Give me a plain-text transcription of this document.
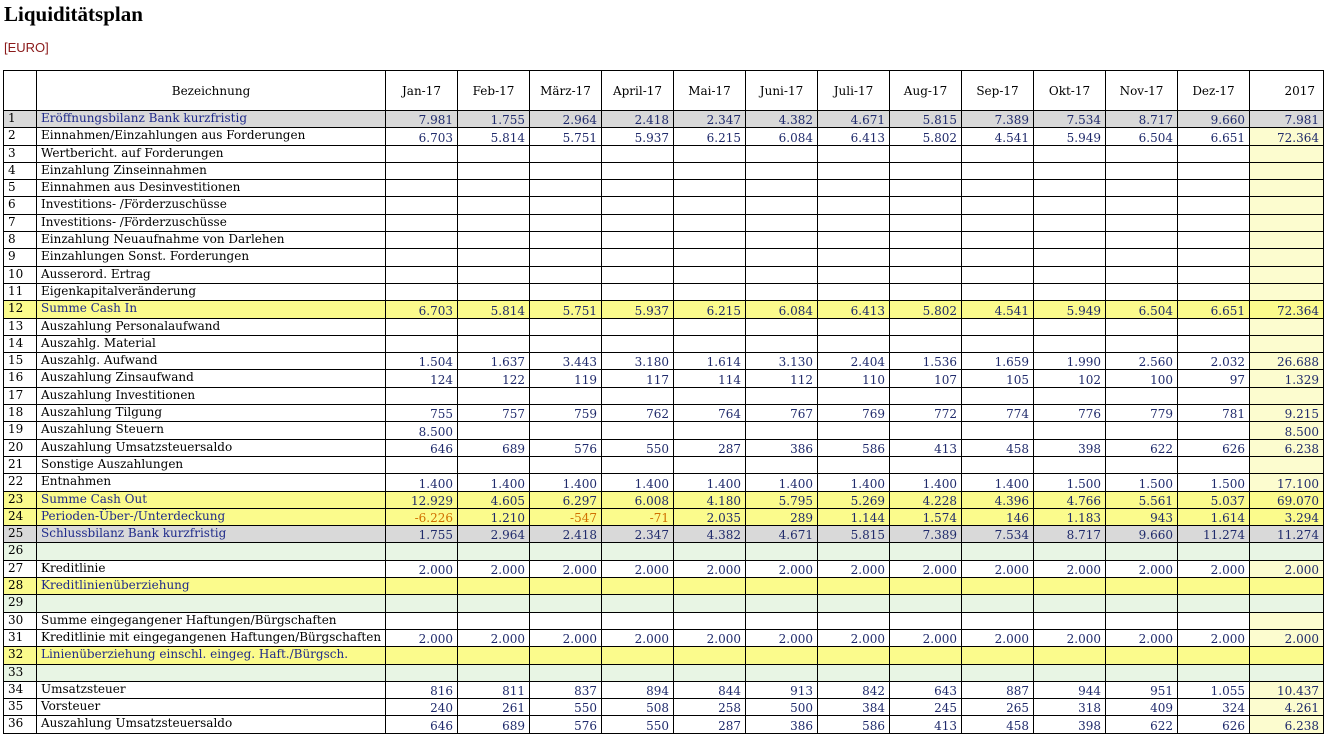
Liquiditätsplan
[EURO]
	Bezeichnung	Jan-17	Feb-17	März-17	April-17	Mai-17	Juni-17	Juli-17	Aug-17	Sep-17	Okt-17	Nov-17	Dez-17	2017
1	Eröffnungsbilanz Bank kurzfristig	7.981	1.755	2.964	2.418	2.347	4.382	4.671	5.815	7.389	7.534	8.717	9.660	7.981
2	Einnahmen/Einzahlungen aus Forderungen	6.703	5.814	5.751	5.937	6.215	6.084	6.413	5.802	4.541	5.949	6.504	6.651	72.364
3	Wertbericht. auf Forderungen													
4	Einzahlung Zinseinnahmen													
5	Einnahmen aus Desinvestitionen													
6	Investitions- /Förderzuschüsse													
7	Investitions- /Förderzuschüsse													
8	Einzahlung Neuaufnahme von Darlehen													
9	Einzahlungen Sonst. Forderungen													
10	Ausserord. Ertrag													
11	Eigenkapitalveränderung													
12	Summe Cash In	6.703	5.814	5.751	5.937	6.215	6.084	6.413	5.802	4.541	5.949	6.504	6.651	72.364
13	Auszahlung Personalaufwand													
14	Auszahlg. Material													
15	Auszahlg. Aufwand	1.504	1.637	3.443	3.180	1.614	3.130	2.404	1.536	1.659	1.990	2.560	2.032	26.688
16	Auszahlung Zinsaufwand	124	122	119	117	114	112	110	107	105	102	100	97	1.329
17	Auszahlung Investitionen													
18	Auszahlung Tilgung	755	757	759	762	764	767	769	772	774	776	779	781	9.215
19	Auszahlung Steuern	8.500												8.500
20	Auszahlung Umsatzsteuersaldo	646	689	576	550	287	386	586	413	458	398	622	626	6.238
21	Sonstige Auszahlungen													
22	Entnahmen	1.400	1.400	1.400	1.400	1.400	1.400	1.400	1.400	1.400	1.500	1.500	1.500	17.100
23	Summe Cash Out	12.929	4.605	6.297	6.008	4.180	5.795	5.269	4.228	4.396	4.766	5.561	5.037	69.070
24	Perioden-Über-/Unterdeckung	-6.226	1.210	-547	-71	2.035	289	1.144	1.574	146	1.183	943	1.614	3.294
25	Schlussbilanz Bank kurzfristig	1.755	2.964	2.418	2.347	4.382	4.671	5.815	7.389	7.534	8.717	9.660	11.274	11.274
26														
27	Kreditlinie	2.000	2.000	2.000	2.000	2.000	2.000	2.000	2.000	2.000	2.000	2.000	2.000	2.000
28	Kreditlinienüberziehung													
29														
30	Summe eingegangener Haftungen/Bürgschaften													
31	Kreditlinie mit eingegangenen Haftungen/Bürgschaften	2.000	2.000	2.000	2.000	2.000	2.000	2.000	2.000	2.000	2.000	2.000	2.000	2.000
32	Linienüberziehung einschl. eingeg. Haft./Bürgsch.													
33														
34	Umsatzsteuer	816	811	837	894	844	913	842	643	887	944	951	1.055	10.437
35	Vorsteuer	240	261	550	508	258	500	384	245	265	318	409	324	4.261
36	Auszahlung Umsatzsteuersaldo	646	689	576	550	287	386	586	413	458	398	622	626	6.238
